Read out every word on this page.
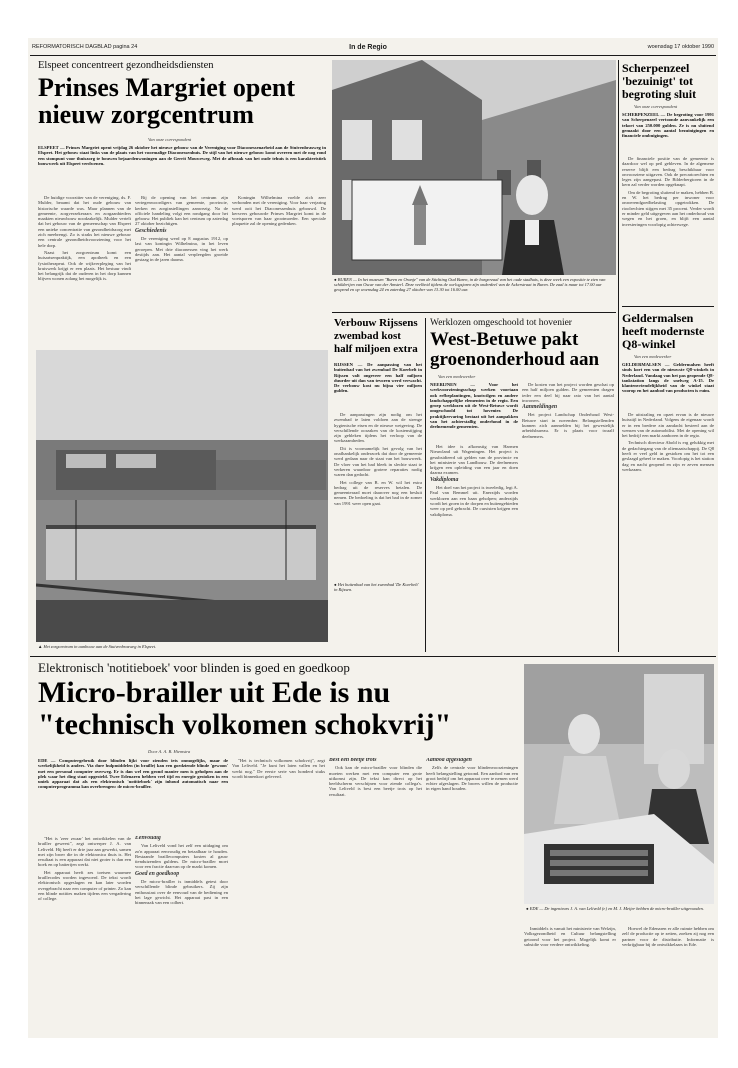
REFORMATORISCH DAGBLAD pagina 24	In de Regio	woensdag 17 oktober 1990
Elspeet concentreert gezondheidsdiensten
Prinses Margriet opent
nieuw zorgcentrum
Van onze correspondent
ELSPEET — Prinses Margriet opent vrijdag 26 oktober het nieuwe gebouw van de Vereniging voor Diaconessenarbeid aan de Stuivenbrasweg in Elspeet. Het gebouw staat links van de plaats van het voormalige Diaconessenhuis. De stijl van het nieuwe gebouw komt overeen met de nog rond een stompunt voor thuiszorg te bouwen bejaardenwoningen aan de Gerrit Mouweweg. Met de afbraak van het oude tehuis is een karakteristiek bouwwerk uit Elspeet verdwenen.

De huidige voorzitter van de vereniging, ds. F. Mulder, beaamt dat het oude gebouw van historische waarde was. Maar plannen van de gemeente, zorgverzekeraars en zorgaanbieders maakten nieuwbouw noodzakelijk. Mulder vertelt dat het gebouw van de gemeenschap van Elspeet een unieke concentratie van gezondheidszorg met zich meebrengt. Zo is straks het nieuwe gebouw een centrale gezondheidsvoorziening voor het hele dorp.

Naast het zorgcentrum komt een huisartsenpraktijk, een apotheek en een fysiotherapeut. Ook de wijkverpleging van het kruiswerk krijgt er een plaats. Het bestuur vindt het belangrijk dat de ouderen in het dorp kunnen blijven wonen zolang het mogelijk is.

Bij de opening van het centrum zijn vertegenwoordigers van gemeente, provincie, kerken en zorginstellingen aanwezig. Na de officiele handeling volgt een rondgang door het gebouw. Het publiek kan het centrum op zaterdag 27 oktober bezichtigen.

Geschiedenis

De vereniging werd op 8 augustus 1912, op last van koningin Wilhelmina, in het leven geroepen. Met drie diaconessen ving het werk destijds aan. Het aantal verpleegden groeide gestaag in de jaren daarna.

Koningin Wilhelmina voelde zich zeer verbonden met de vereniging. Voor haar verjaring werd ooit het Diaconessenhuis gebouwd. De kersvers gebouwde Prinses Margriet komt in de voetsporen van haar grootmoeder. Een speciale plaquette zal de opening gedenken.

▲ Het zorgcentrum in aanbouw aan de Stuivenbrasweg in Elspeet.
● BUREN — In het museum "Buren en Oranje" van de Stichting Oud Buren, in de burgerzaal van het oude stadhuis, is deze week een expositie te zien van schilderijen van Oscar van der Amsterl. Deze veelheid tijdens de oorlogsjaren zijn onderdeel van de Ackerstraat in Buren. De zaal is maar tot 17.00 uur geopend en op woensdag 24 en zaterdag 27 oktober van 13.30 tot 16.00 uur.
Scherpenzeel
'bezuinigt' tot
begroting sluit
Van onze correspondent
SCHERPENZEEL — De begroting voor 1991 van Scherpenzeel vertoonde aanvankelijk een tekort van 250.000 gulden. Ze is nu sluitend gemaakt door een aantal bezuinigingen en financiele ombuigingen.

De financiele positie van de gemeente is daardoor wel op peil gebleven. In de algemene reserve blijft een bedrag beschikbaar voor onvoorziene uitgaven. Ook de precariorechten en leges zijn aangepast. De Bilderbergtoren in de kern zal verder worden opgeknapt.

Om de begroting sluitend te maken, hebben B. en W. het bedrag per inwoner voor onroerendgoedbelasting opgetrokken. De rioolrechten stijgen met 35 procent. Verder wordt er minder geld uitgegeven aan het onderhoud van wegen en het groen, en blijft een aantal investeringen voorlopig achterwege.

Geldermalsen
heeft modernste
Q8-winkel
Van een medewerker
GELDERMALSEN — Geldermalsen heeft sinds kort een van de nieuwste Q8-winkels in Nederland. Vandaag van het pas geopende Q8-tankstation langs de snelweg A-15. De klantenvriendelijkheid van de winkel staat voorop en het aanbod van producten is ruim.

De uitstraling en opzet ervan is de nieuwe huisstijl in Nederland. Volgens de eigenaar wordt er in een bredere zin aandacht besteed aan de wensen van de automobilist. Met de opening wil het bedrijf een markt aanboren in de regio.

Technisch directeur Abold is erg gelukkig met de gedachtegang van de oliemaatschappij. De Q8 heeft er veel geld in gestoken om het tot een geslaagd geheel te maken. Voorlopig is het station dag en nacht geopend en zijn er zeven mensen werkzaam.

Verbouw Rijssens
zwembad kost
half miljoen extra
RIJSSEN — De aanpassing van het buitenbad van het zwembad De Koerbelt in Rijssen valt ongeveer een half miljoen duurder uit dan van tevoren werd verwacht. De verbouw kost nu bijna vier miljoen gulden.

De aanpassingen zijn nodig om het zwembad te laten voldoen aan de strenge hygienische eisen en de nieuwe wetgeving. De verschillende oorzaken van de kostenstijging zijn gebleken tijdens het verloop van de werkzaamheden.

Dit is voornamelijk het gevolg van het onafhankelijk onderzoek dat door de gemeente werd gedaan naar de staat van het bouwwerk. De vloer van het bad bleek in slechte staat te verkeren waardoor grotere reparaties nodig waren dan gedacht.

Het college van B. en W. wil het extra bedrag uit de reserves betalen. De gemeenteraad moet daarover nog een besluit nemen. De bedoeling is dat het bad in de zomer van 1991 weer open gaat.

● Het buitenbad van het zwembad 'De Koerbelt' in Rijssen.
Werklozen omgeschoold tot hovenier
West-Betuwe pakt
groenonderhoud aan
Van een medewerker
NEERIJNEN — Voor het werkvoorzieningsschap werken voortaan ook erfbeplantingen, knotwilgen en andere landschappelijke elementen in de regio. Een groep werklozen uit de West-Betuwe wordt omgeschoold tot hovenier. De praktijkervaring bestaat uit het aanpakken van het achterstallig onderhoud in de deelnemende gemeenten.

Het idee is afkomstig van Harmen Nieuwland uit Wageningen. Het project is gesubsidieerd uit gelden van de provincie en het ministerie van Landbouw. De deelnemers krijgen een opleiding van een jaar en doen daarna examen.

Vakdiploma

Het doel van het project is tweeledig, legt A. Paul van Bemmel uit. Enerzijds worden werklozen aan een baan geholpen; anderzijds wordt het groen in de dorpen en buitengebieden weer op peil gebracht. De cursisten krijgen een vakdiploma.

De kosten van het project worden geschat op een half miljoen gulden. De gemeenten dragen ieder een deel bij naar rato van het aantal inwoners.

Aanmeldingen

Het project Landschap Onderhoud West-Betuwe start in november. Belangstellenden kunnen zich aanmelden bij het gewestelijk arbeidsbureau. Er is plaats voor twaalf deelnemers.

Elektronisch 'notitieboek' voor blinden is goed en goedkoop
Micro-brailler uit Ede is nu
"technisch volkomen schokvrij"
Door A. A. B. Hiemstra
EDE — Computergebruik door blinden lijkt voor zienden iets onmogelijks, maar de werkelijkheid is anders. Via dure hulpmiddelen (in braille) kan een goedziende blinde 'gewoon' met een personal computer overweg. Er is dan wel een grond manier men is geholpen aan de plek waar het ding staat opgesteld. Twee Edenaren hebben veel tijd en energie gestoken in een uniek apparaat dat als een elektronisch 'notitieboek' zijn inhoud automatisch naar een computerprogramma kan overbrengen: de micro-brailler.

"Het is 'zeer zwaar' het ontwikkelen van de brailler geweest", zegt ontwerper J. A. van Leliveld. Hij heeft er drie jaar aan gewerkt, samen met zijn broer die in de elektronica thuis is. Het resultaat is een apparaat dat niet groter is dan een boek en op batterijen werkt.

Het apparaat heeft zes toetsen waarmee braillecodes worden ingevoerd. De tekst wordt elektronisch opgeslagen en kan later worden overgebracht naar een computer of printer. Zo kan een blinde notities maken tijdens een vergadering of college.

Eenvoudig

Van Leliveld vond het zelf een uitdaging om zo'n apparaat eenvoudig en betaalbaar te houden. Bestaande braillecomputers kosten al gauw tienduizenden guldens. De micro-brailler moet voor een fractie daarvan op de markt komen.

Goed en goedkoop

De micro-brailler is inmiddels getest door verschillende blinde gebruikers. Zij zijn enthousiast over de eenvoud van de bediening en het lage gewicht. Het apparaat past in een binnenzak van een colbert.

"Het is technisch volkomen schokvrij", zegt Van Leliveld. "Je kunt het laten vallen en het werkt nog." De eerste serie van honderd stuks wordt binnenkort geleverd.

Best een beetje trots

Ook kan de micro-brailler voor blinden die moeten werken met een computer een grote uitkomst zijn. De tekst kan direct op het beeldscherm verschijnen voor ziende collega's. Van Leliveld is best een beetje trots op het resultaat.

Aanbod afgeslagen

Zelfs de centrale voor blindenvoorzieningen heeft belangstelling getoond. Een aanbod van een groot bedrijf om het apparaat over te nemen werd echter afgeslagen. De broers willen de productie in eigen hand houden.

Inmiddels is vanuit het ministerie van Welzijn, Volksgezondheid en Cultuur belangstelling getoond voor het project. Mogelijk komt er subsidie voor verdere ontwikkeling.

Hoewel de Edenaren er alle ruimte hebben om zelf de productie op te zetten, zoeken zij nog een partner voor de distributie. Informatie is verkrijgbaar bij de ontwikkelaars in Ede.

● EDE — De ingenieurs J. A. van Leliveld (r.) en M. J. Meijer hebben de micro-brailler uitgevonden.
